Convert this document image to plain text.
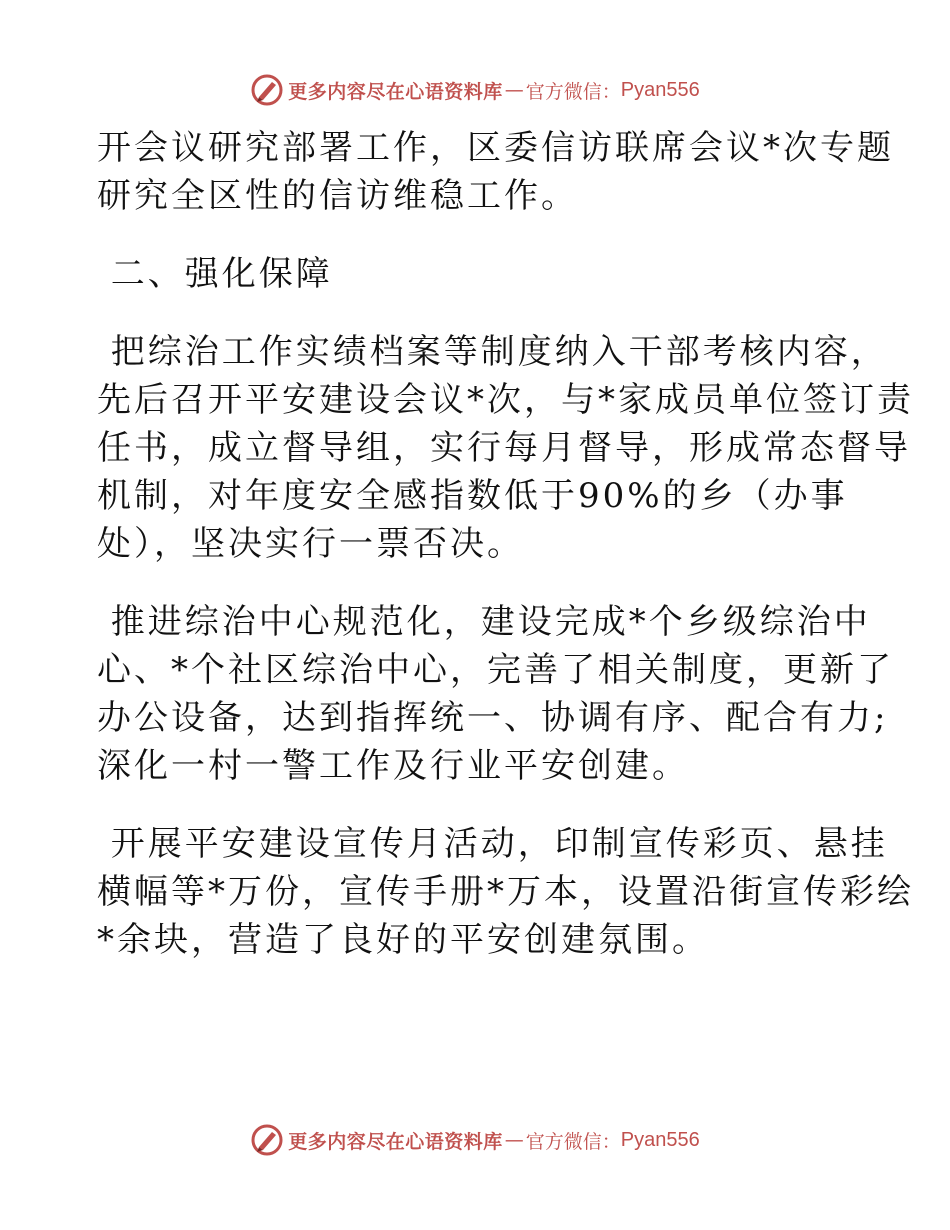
更多内容尽在心语资料库 — 官方微信： Pyan556
开会议研究部署工作，区委信访联席会议*次专题
研究全区性的信访维稳工作。
二、强化保障
把综治工作实绩档案等制度纳入干部考核内容，
先后召开平安建设会议*次，与*家成员单位签订责
任书，成立督导组，实行每月督导，形成常态督导
机制，对年度安全感指数低于90%的乡（办事
处），坚决实行一票否决。
推进综治中心规范化，建设完成*个乡级综治中
心、*个社区综治中心，完善了相关制度，更新了
办公设备，达到指挥统一、协调有序、配合有力;
深化一村一警工作及行业平安创建。
开展平安建设宣传月活动，印制宣传彩页、悬挂
横幅等*万份，宣传手册*万本，设置沿街宣传彩绘
*余块，营造了良好的平安创建氛围。
更多内容尽在心语资料库 — 官方微信： Pyan556
